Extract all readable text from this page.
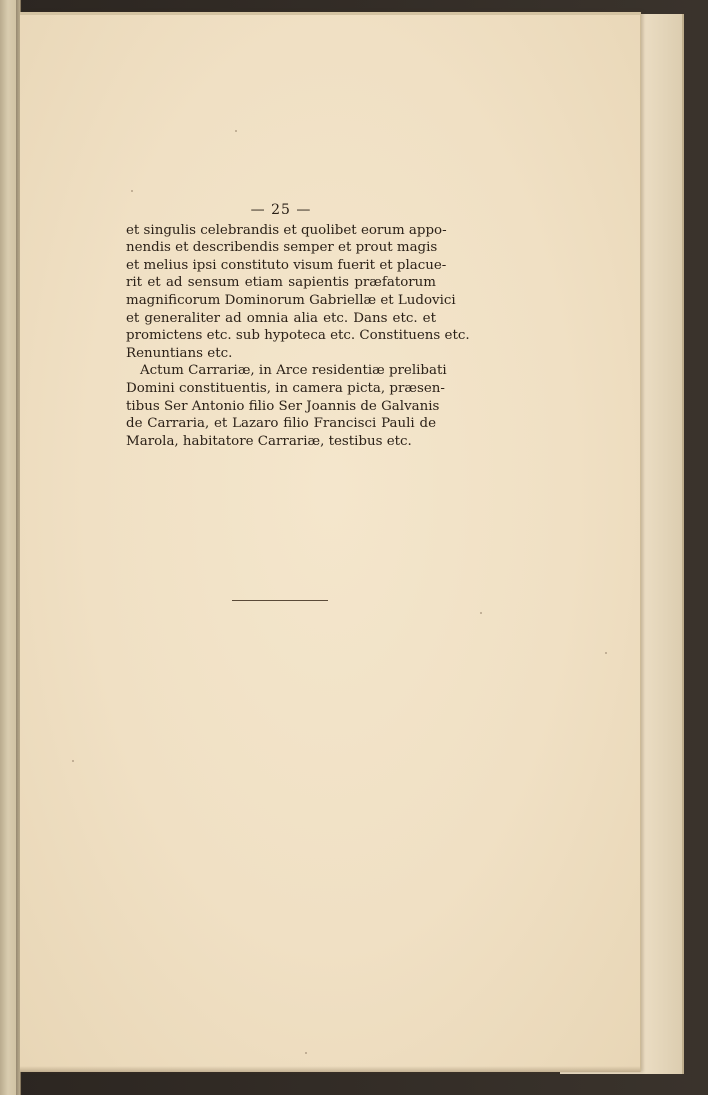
— 25 —
et singulis celebrandis et quolibet eorum appo-
nendis et describendis semper et prout magis
et melius ipsi constituto visum fuerit et placue-
rit et ad sensum etiam sapientis præfatorum
magnificorum Dominorum Gabriellæ et Ludovici
et generaliter ad omnia alia etc. Dans etc. et
promictens etc. sub hypoteca etc. Constituens etc.
Renuntians etc.
Actum Carrariæ, in Arce residentiæ prelibati
Domini constituentis, in camera picta, præsen-
tibus Ser Antonio filio Ser Joannis de Galvanis
de Carraria, et Lazaro filio Francisci Pauli de
Marola, habitatore Carrariæ, testibus etc.
